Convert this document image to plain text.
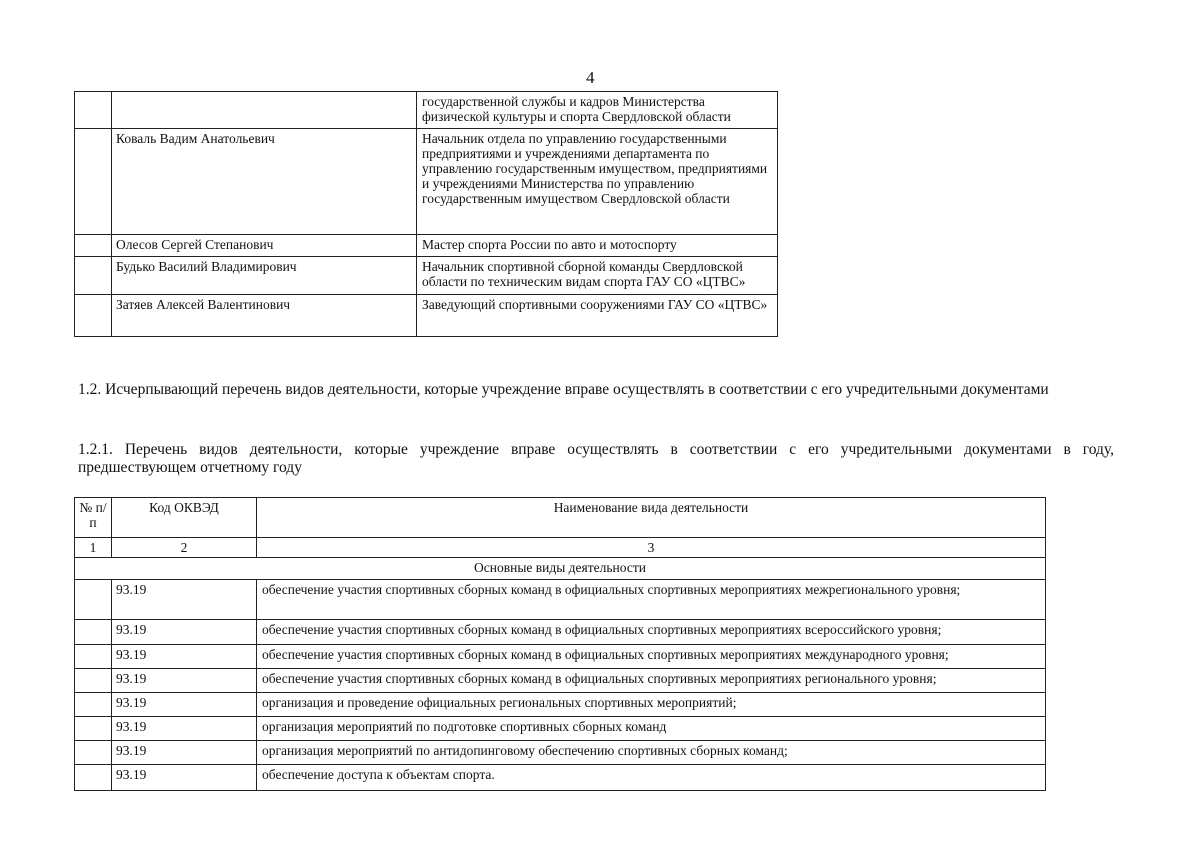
4
		государственной службы и кадров Министерства физической культуры и спорта Свердловской области
	Коваль Вадим Анатольевич	Начальник отдела по управлению государственными предприятиями и учреждениями департамента по управлению государственным имуществом, предприятиями и учреждениями Министерства по управлению государственным имуществом Свердловской области
	Олесов Сергей Степанович	Мастер спорта России по авто и мотоспорту
	Будько Василий Владимирович	Начальник спортивной сборной команды Свердловской области по техническим видам спорта ГАУ СО «ЦТВС»
	Затяев Алексей Валентинович	Заведующий спортивными сооружениями ГАУ СО «ЦТВС»
1.2. Исчерпывающий перечень видов деятельности, которые учреждение вправе осуществлять в соответствии с его учредительными документами
1.2.1. Перечень видов деятельности, которые учреждение вправе осуществлять в соответствии с его учредительными документами в году, предшествующем отчетному году
№ п/п	Код ОКВЭД	Наименование вида деятельности
1	2	3
Основные виды деятельности		
	93.19	обеспечение участия спортивных сборных команд в официальных спортивных мероприятиях межрегионального уровня;
	93.19	обеспечение участия спортивных сборных команд в официальных спортивных мероприятиях всероссийского уровня;
	93.19	обеспечение участия спортивных сборных команд в официальных спортивных мероприятиях международного уровня;
	93.19	обеспечение участия спортивных сборных команд в официальных спортивных мероприятиях регионального уровня;
	93.19	организация и проведение официальных региональных спортивных мероприятий;
	93.19	организация мероприятий по подготовке спортивных сборных команд
	93.19	организация мероприятий по антидопинговому обеспечению спортивных сборных команд;
	93.19	обеспечение доступа к объектам спорта.
